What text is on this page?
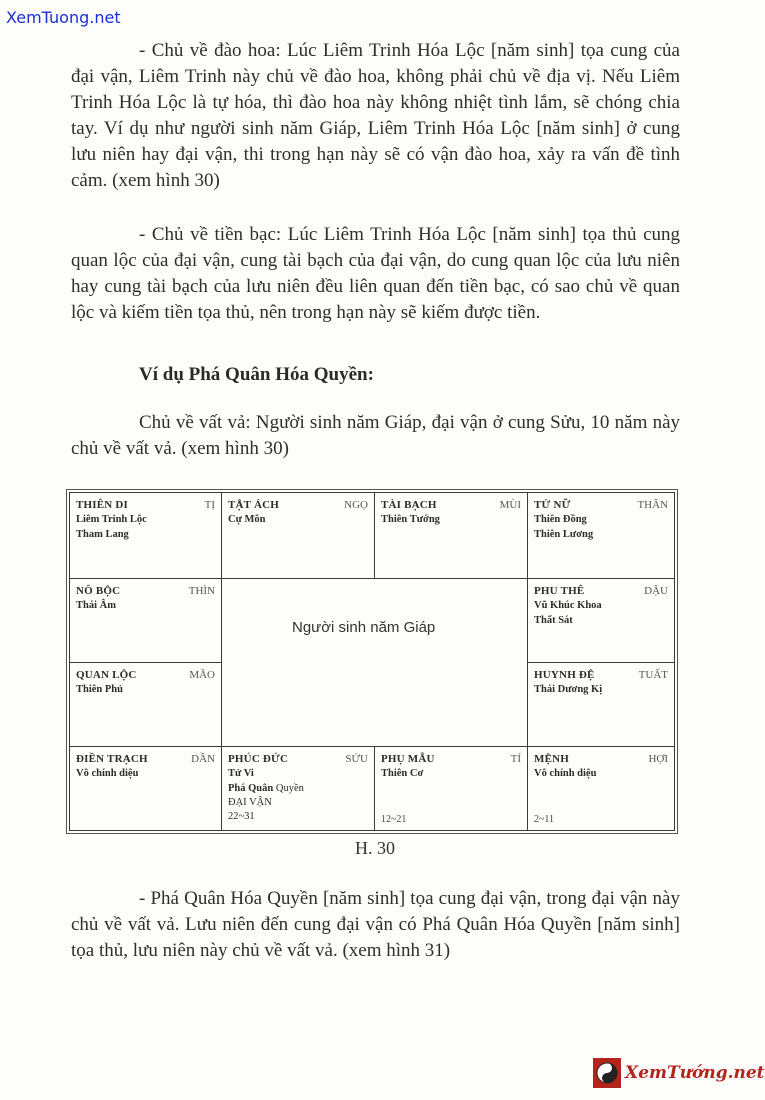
XemTuong.net

- Chủ về đào hoa: Lúc Liêm Trinh Hóa Lộc [năm sinh] tọa cung của đại vận, Liêm Trinh này chủ về đào hoa, không phải chủ về địa vị. Nếu Liêm Trinh Hóa Lộc là tự hóa, thì đào hoa này không nhiệt tình lắm, sẽ chóng chia tay. Ví dụ như người sinh năm Giáp, Liêm Trinh Hóa Lộc [năm sinh] ở cung lưu niên hay đại vận, thi trong hạn này sẽ có vận đào hoa, xảy ra vấn đề tình cảm. (xem hình 30)

- Chủ về tiền bạc: Lúc Liêm Trinh Hóa Lộc [năm sinh] tọa thủ cung quan lộc của đại vận, cung tài bạch của đại vận, do cung quan lộc của lưu niên hay cung tài bạch của lưu niên đều liên quan đến tiền bạc, có sao chủ về quan lộc và kiếm tiền tọa thủ, nên trong hạn này sẽ kiếm được tiền.

Ví dụ Phá Quân Hóa Quyền:

Chủ về vất vả: Người sinh năm Giáp, đại vận ở cung Sửu, 10 năm này chủ về vất vả. (xem hình 30)

THIÊN DI	TỊ
Liêm Trinh Lộc
Tham Lang
TẬT ÁCH	NGỌ
Cự Môn
TÀI BẠCH	MÙI
Thiên Tướng
TỬ NỮ	THÂN
Thiên Đồng
Thiên Lương
NÔ BỘC	THÌN
Thái Âm
QUAN LỘC	MÃO
Thiên Phủ
Người sinh năm Giáp
PHU THÊ	DẬU
Vũ Khúc Khoa
Thất Sát
HUYNH ĐỆ	TUẤT
Thái Dương Kị
ĐIỀN TRẠCH	DẦN
Vô chính diệu
PHÚC ĐỨC	SỬU
Tử Vi
Phá Quân Quyền
ĐẠI VẬN
22~31
PHỤ MẪU	TÍ
Thiên Cơ
12~21
MỆNH	HỢI
Vô chính diệu
2~11
H. 30

- Phá Quân Hóa Quyền [năm sinh] tọa cung đại vận, trong đại vận này chủ về vất vả. Lưu niên đến cung đại vận có Phá Quân Hóa Quyền [năm sinh] tọa thủ, lưu niên này chủ về vất vả. (xem hình 31)

XemTướng.net
